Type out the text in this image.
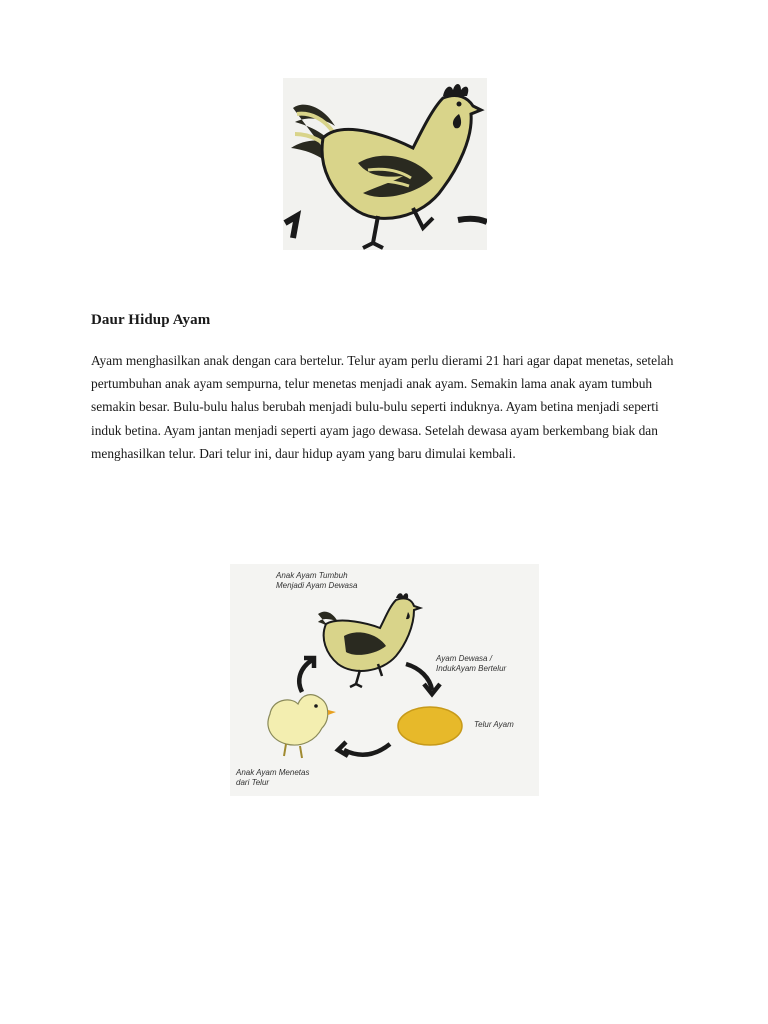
Daur Hidup Ayam

Ayam menghasilkan anak dengan cara bertelur. Telur ayam perlu dierami 21 hari agar dapat menetas, setelah pertumbuhan anak ayam sempurna, telur menetas menjadi anak ayam. Semakin lama anak ayam tumbuh semakin besar. Bulu-bulu halus berubah menjadi bulu-bulu seperti induknya. Ayam betina menjadi seperti induk betina. Ayam jantan menjadi seperti ayam jago dewasa. Setelah dewasa ayam berkembang biak dan menghasilkan telur. Dari telur ini, daur hidup ayam yang baru dimulai kembali.

Anak Ayam Tumbuh
Menjadi Ayam Dewasa
Ayam Dewasa /
IndukAyam Bertelur
Telur Ayam
Anak Ayam Menetas
dari Telur
